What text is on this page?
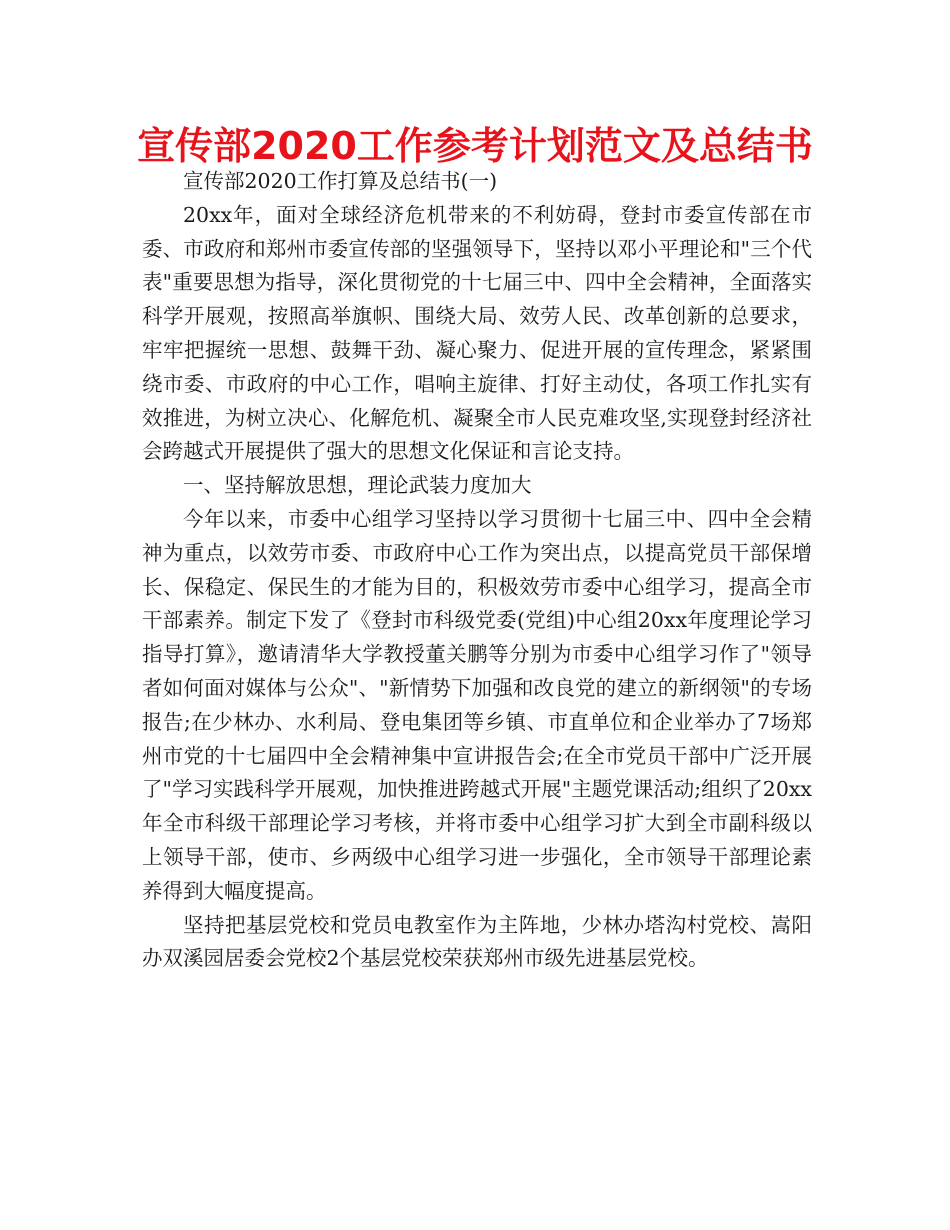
宣传部2020工作参考计划范文及总结书

宣传部2020工作打算及总结书(一)

20xx年，面对全球经济危机带来的不利妨碍，登封市委宣传部在市委、市政府和郑州市委宣传部的坚强领导下，坚持以邓小平理论和"三个代表"重要思想为指导，深化贯彻党的十七届三中、四中全会精神，全面落实科学开展观，按照高举旗帜、围绕大局、效劳人民、改革创新的总要求，牢牢把握统一思想、鼓舞干劲、凝心聚力、促进开展的宣传理念，紧紧围绕市委、市政府的中心工作，唱响主旋律、打好主动仗，各项工作扎实有效推进，为树立决心、化解危机、凝聚全市人民克难攻坚,实现登封经济社会跨越式开展提供了强大的思想文化保证和言论支持。

一、坚持解放思想，理论武装力度加大

今年以来，市委中心组学习坚持以学习贯彻十七届三中、四中全会精神为重点，以效劳市委、市政府中心工作为突出点，以提高党员干部保增长、保稳定、保民生的才能为目的，积极效劳市委中心组学习，提高全市干部素养。制定下发了《登封市科级党委(党组)中心组20xx年度理论学习指导打算》，邀请清华大学教授董关鹏等分别为市委中心组学习作了"领导者如何面对媒体与公众"、"新情势下加强和改良党的建立的新纲领"的专场报告;在少林办、水利局、登电集团等乡镇、市直单位和企业举办了7场郑州市党的十七届四中全会精神集中宣讲报告会;在全市党员干部中广泛开展了"学习实践科学开展观，加快推进跨越式开展"主题党课活动;组织了20xx年全市科级干部理论学习考核，并将市委中心组学习扩大到全市副科级以上领导干部，使市、乡两级中心组学习进一步强化，全市领导干部理论素养得到大幅度提高。

坚持把基层党校和党员电教室作为主阵地，少林办塔沟村党校、嵩阳办双溪园居委会党校2个基层党校荣获郑州市级先进基层党校。
